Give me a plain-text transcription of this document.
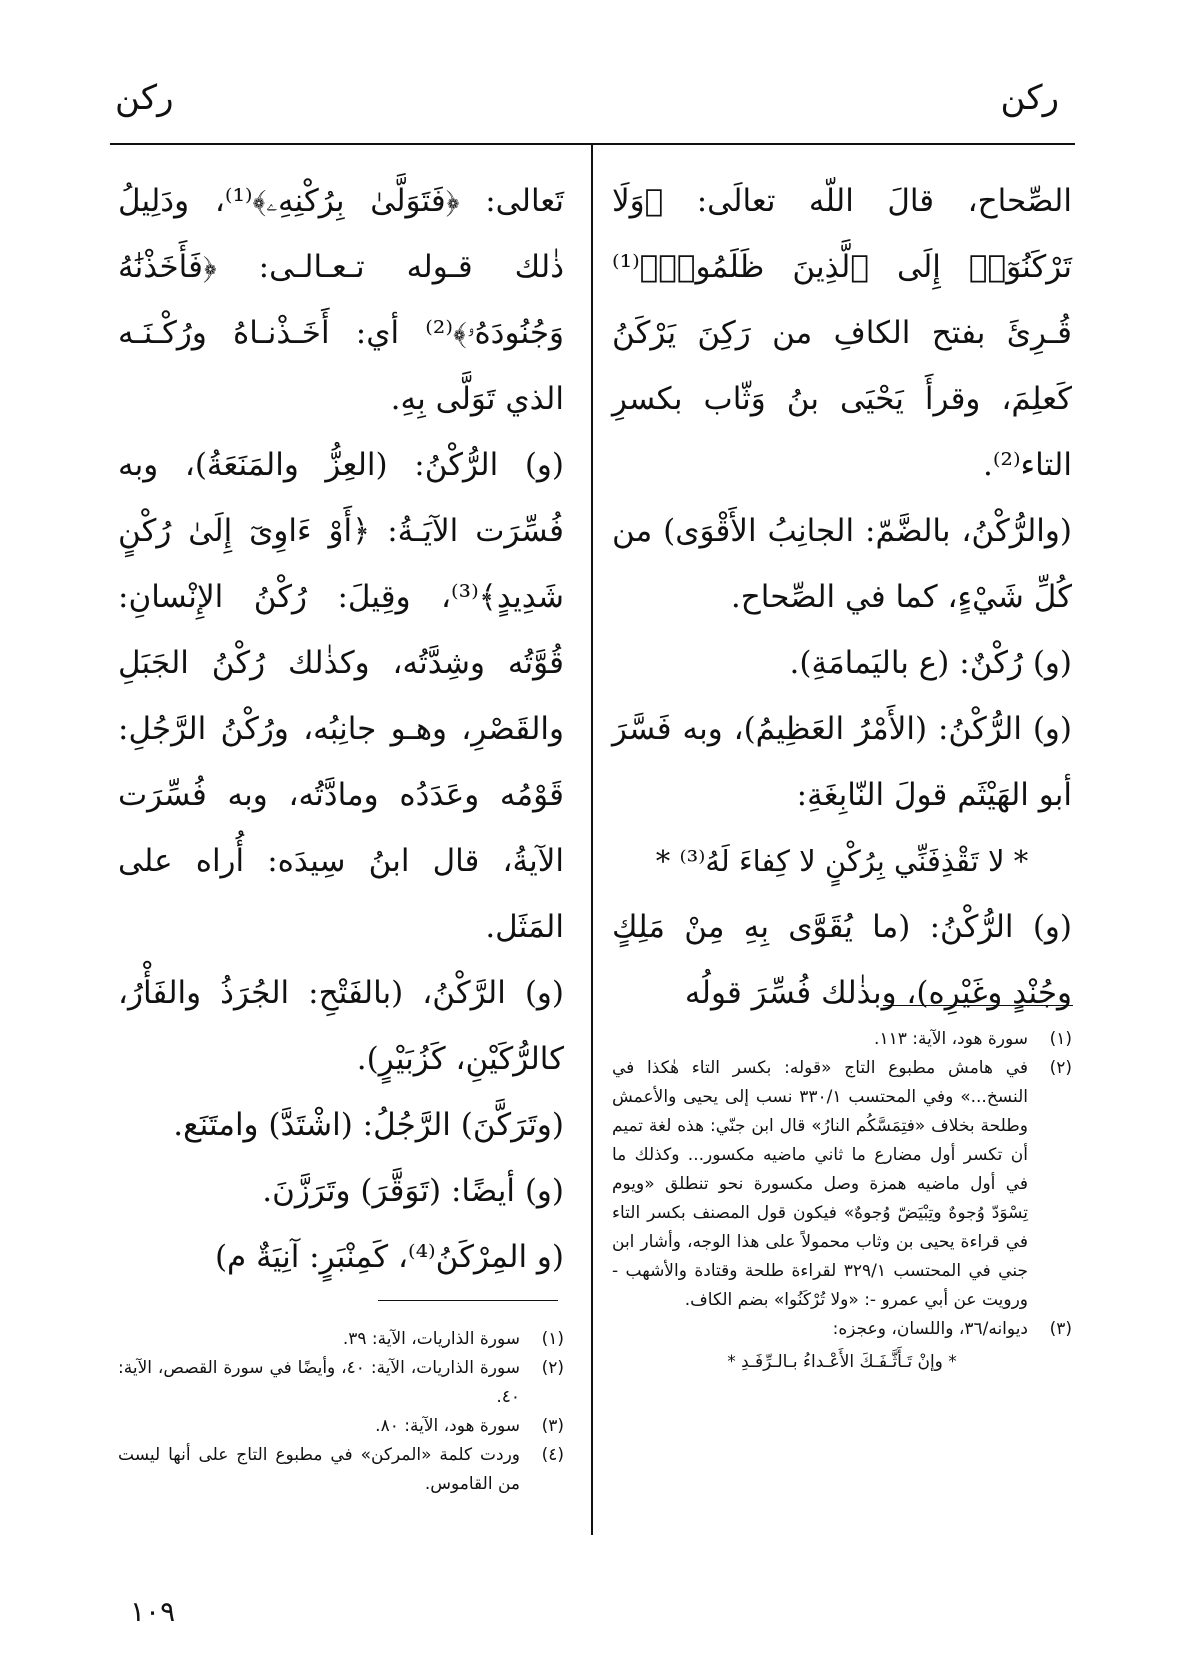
ركن
ركن

الصِّحاح، قالَ اللّه تعالَى: ﴿وَلَا تَرْكَنُوٓا۟ إِلَى ٱلَّذِينَ ظَلَمُوا۟﴾⁽¹⁾ قُـرِئَ بفتح الكافِ من رَكِنَ يَرْكَنُ كَعلِمَ، وقرأَ يَحْيَى بنُ وَثّاب بكسرِ التاء⁽²⁾.

(والرُّكْنُ، بالضَّمّ: الجانِبُ الأَقْوَى) من كُلِّ شَيْءٍ، كما في الصِّحاح.

(و) رُكْنٌ: (ع باليَمامَةِ).

(و) الرُّكْنُ: (الأَمْرُ العَظِيمُ)، وبه فَسَّرَ أبو الهَيْثَم قولَ النّابِغَةِ:

* لا تَقْذِفَنِّي بِرُكْنٍ لا كِفاءَ لَهُ⁽³⁾ *

(و) الرُّكْنُ: (ما يُقَوَّى بِهِ مِنْ مَلِكٍ وجُنْدٍ وغَيْرِه)، وبذٰلك فُسِّرَ قولُه

تَعالى: ﴿فَتَوَلَّىٰ بِرُكْنِهِۦ﴾⁽¹⁾، ودَلِيلُ ذٰلك قـوله تـعـالـى: ﴿فَأَخَذْنَٰهُ وَجُنُودَهُۥ﴾⁽²⁾ أي: أَخَـذْنـاهُ ورُكْـنَـه الذي تَوَلَّى بِهِ.

(و) الرُّكْنُ: (العِزُّ والمَنَعَةُ)، وبه فُسِّرَت الآيَـةُ: ﴿أَوْ ءَاوِىٓ إِلَىٰ رُكْنٍ شَدِيدٍ﴾⁽³⁾، وقِيلَ: رُكْنُ الإِنْسانِ: قُوَّتُه وشِدَّتُه، وكذٰلك رُكْنُ الجَبَلِ والقَصْرِ، وهـو جانِبُه، ورُكْنُ الرَّجُلِ: قَوْمُه وعَدَدُه ومادَّتُه، وبه فُسِّرَت الآيةُ، قال ابنُ سِيدَه: أُراه على المَثَل.

(و) الرَّكْنُ، (بالفَتْحِ: الجُرَذُ والفَأْرُ، كالرُّكَيْنِ، كَزُبَيْرٍ).

(وتَرَكَّنَ) الرَّجُلُ: (اشْتَدَّ) وامتَنَع.

(و) أيضًا: (تَوَقَّرَ) وتَرَزَّنَ.

(و المِرْكَنُ⁽⁴⁾، كَمِنْبَرٍ: آنِيَةٌ م)

(١)
سورة هود، الآية: ١١٣.
(٢)
في هامش مطبوع التاج «قوله: بكسر التاء هٰكذا في النسخ...» وفي المحتسب ٣٣٠/١ نسب إلى يحيى والأعمش وطلحة بخلاف «فتِمَسَّكُم النارُ» قال ابن جنّي: هذه لغة تميم أن تكسر أول مضارع ما ثاني ماضيه مكسور... وكذلك ما في أول ماضيه همزة وصل مكسورة نحو تنطلق «ويوم تِسْوَدّ وُجوهٌ وتِبْيَضّ وُجوهٌ» فيكون قول المصنف بكسر التاء في قراءة يحيى بن وثاب محمولاً على هذا الوجه، وأشار ابن جني في المحتسب ٣٢٩/١ لقراءة طلحة وقتادة والأشهب - ورويت عن أبي عمرو -: «ولا تُرْكَنُوا» بضم الكاف.
(٣)
ديوانه/٣٦، واللسان، وعجزه:
* وإنْ تَـأَثَّـفَـكَ الأَعْـداءُ بـالـرِّفَـدِ *
(١)
سورة الذاريات، الآية: ٣٩.
(٢)
سورة الذاريات، الآية: ٤٠، وأيضًا في سورة القصص، الآية: ٤٠.
(٣)
سورة هود، الآية: ٨٠.
(٤)
وردت كلمة «المركن» في مطبوع التاج على أنها ليست من القاموس.
١٠٩
